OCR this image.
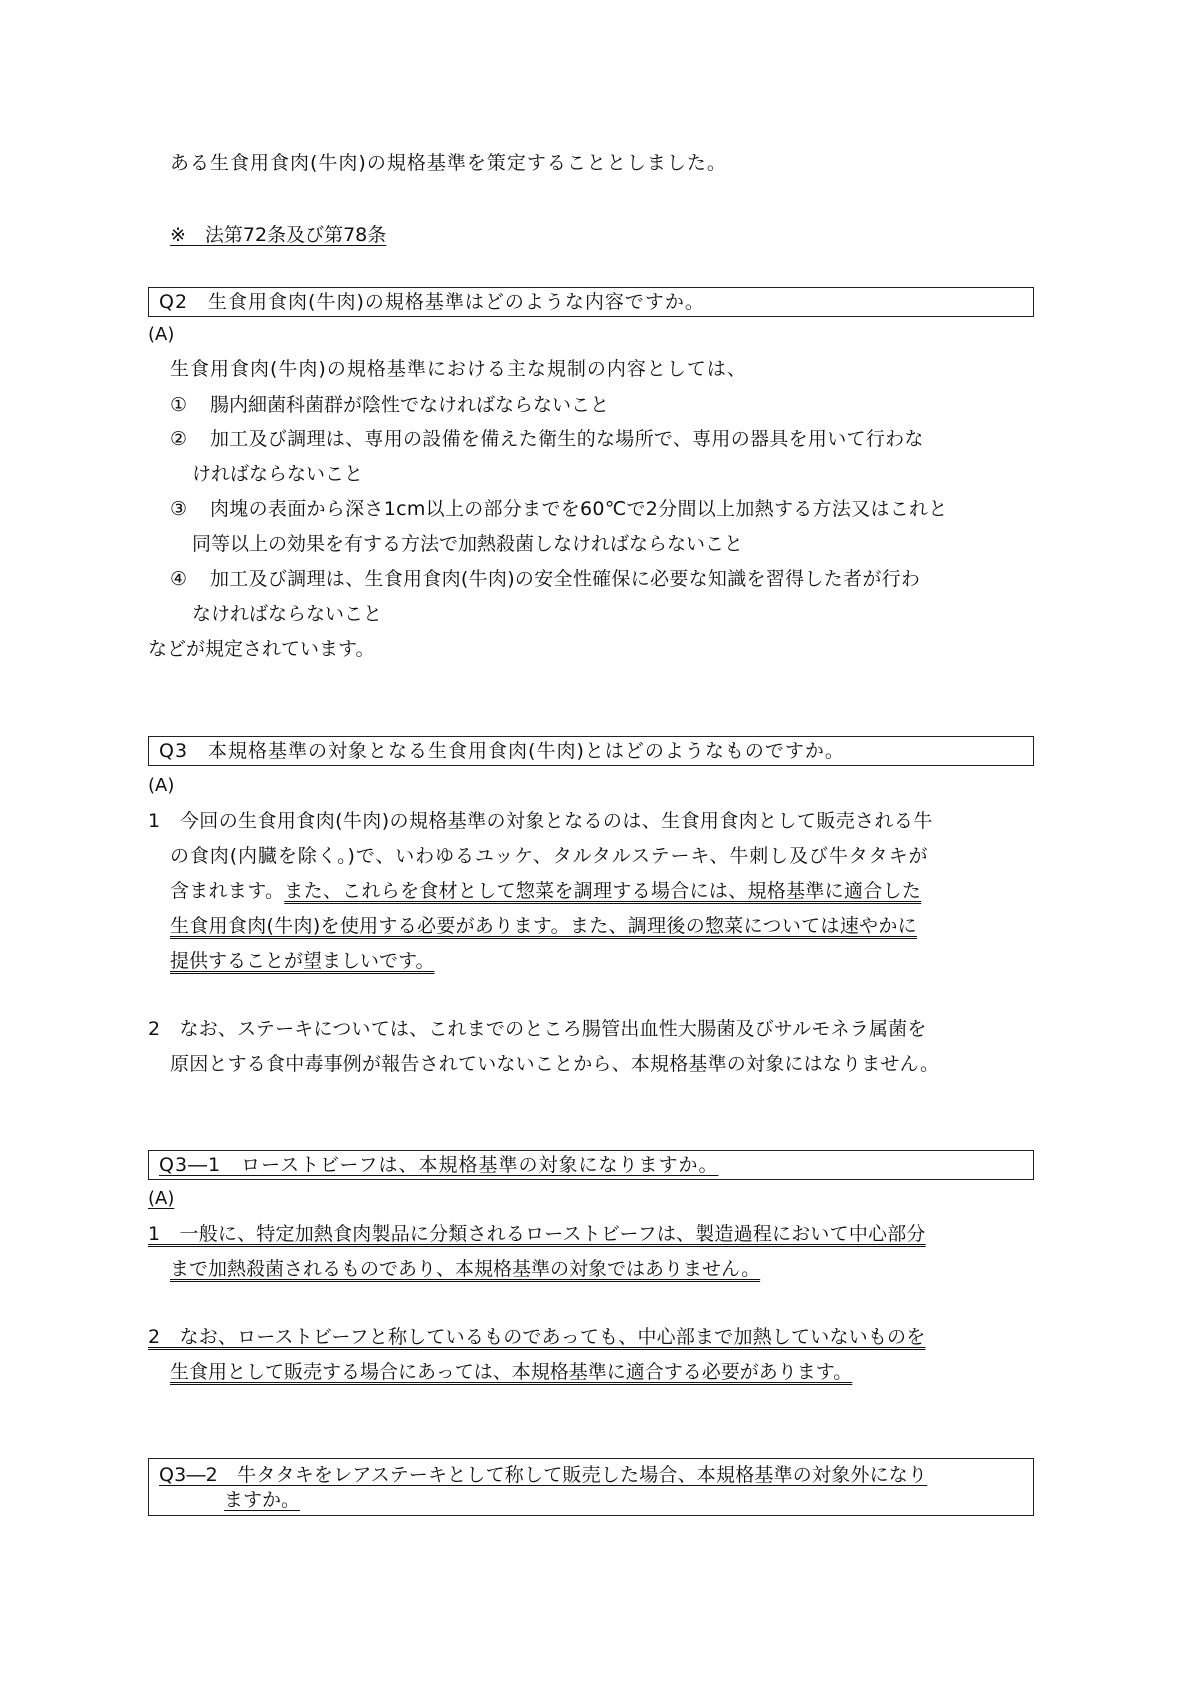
ある生食用食肉(牛肉)の規格基準を策定することとしました。
※　法第72条及び第78条
Q2　生食用食肉(牛肉)の規格基準はどのような内容ですか。
(A)
生食用食肉(牛肉)の規格基準における主な規制の内容としては、
① 腸内細菌科菌群が陰性でなければならないこと
② 加工及び調理は、専用の設備を備えた衛生的な場所で、専用の器具を用いて行わな
ければならないこと
③ 肉塊の表面から深さ1cm以上の部分までを60℃で2分間以上加熱する方法又はこれと
同等以上の効果を有する方法で加熱殺菌しなければならないこと
④ 加工及び調理は、生食用食肉(牛肉)の安全性確保に必要な知識を習得した者が行わ
なければならないこと
などが規定されています。
Q3　本規格基準の対象となる生食用食肉(牛肉)とはどのようなものですか。
(A)
1　今回の生食用食肉(牛肉)の規格基準の対象となるのは、生食用食肉として販売される牛
の食肉(内臓を除く。)で、いわゆるユッケ、タルタルステーキ、牛刺し及び牛タタキが
含まれます。また、これらを食材として惣菜を調理する場合には、規格基準に適合した
生食用食肉(牛肉)を使用する必要があります。また、調理後の惣菜については速やかに
提供することが望ましいです。
2　なお、ステーキについては、これまでのところ腸管出血性大腸菌及びサルモネラ属菌を
原因とする食中毒事例が報告されていないことから、本規格基準の対象にはなりません。
Q3―1　ローストビーフは、本規格基準の対象になりますか。
(A)
1　一般に、特定加熱食肉製品に分類されるローストビーフは、製造過程において中心部分
まで加熱殺菌されるものであり、本規格基準の対象ではありません。
2　なお、ローストビーフと称しているものであっても、中心部まで加熱していないものを
生食用として販売する場合にあっては、本規格基準に適合する必要があります。
Q3―2　牛タタキをレアステーキとして称して販売した場合、本規格基準の対象外になり
ますか。
